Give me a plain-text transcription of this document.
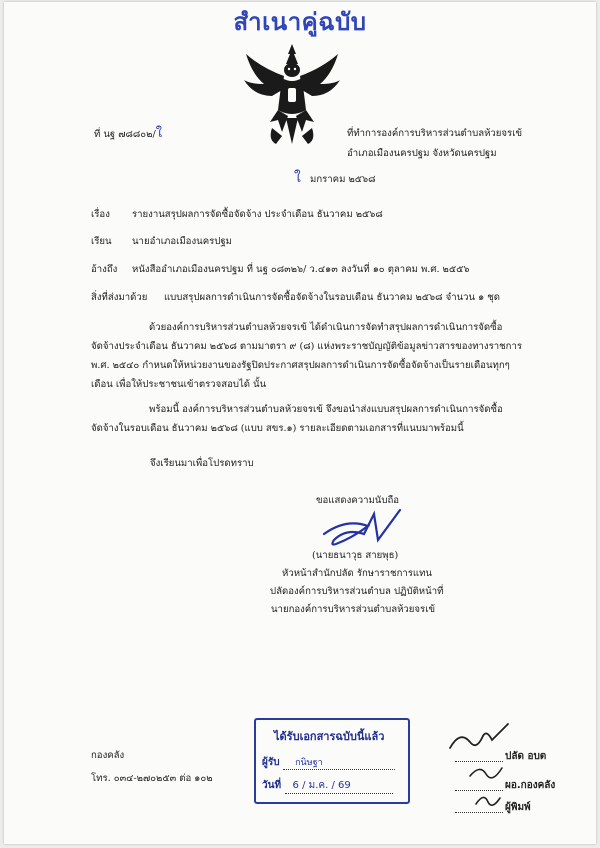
สำเนาคู่ฉบับ
ที่ นฐ ๗๘๘๐๒/ใ	ที่ทำการองค์การบริหารส่วนตำบลห้วยจรเข้
อำเภอเมืองนครปฐม จังหวัดนครปฐม
ใ มกราคม ๒๕๖๘
เรื่อง รายงานสรุปผลการจัดซื้อจัดจ้าง ประจำเดือน ธันวาคม ๒๕๖๘
เรียน นายอำเภอเมืองนครปฐม
อ้างถึง หนังสืออำเภอเมืองนครปฐม ที่ นฐ ๐๘๓๒๖/ ว.๔๑๓ ลงวันที่ ๑๐ ตุลาคม พ.ศ. ๒๕๕๖
สิ่งที่ส่งมาด้วย แบบสรุปผลการดำเนินการจัดซื้อจัดจ้างในรอบเดือน ธันวาคม ๒๕๖๘ จำนวน ๑ ชุด
ด้วยองค์การบริหารส่วนตำบลห้วยจรเข้ ได้ดำเนินการจัดทำสรุปผลการดำเนินการจัดซื้อ
จัดจ้างประจำเดือน ธันวาคม ๒๕๖๘ ตามมาตรา ๙ (๘) แห่งพระราชบัญญัติข้อมูลข่าวสารของทางราชการ
พ.ศ. ๒๕๔๐ กำหนดให้หน่วยงานของรัฐปิดประกาศสรุปผลการดำเนินการจัดซื้อจัดจ้างเป็นรายเดือนทุกๆ
เดือน เพื่อให้ประชาชนเข้าตรวจสอบได้ นั้น
พร้อมนี้ องค์การบริหารส่วนตำบลห้วยจรเข้ จึงขอนำส่งแบบสรุปผลการดำเนินการจัดซื้อ
จัดจ้างในรอบเดือน ธันวาคม ๒๕๖๘ (แบบ สขร.๑) รายละเอียดตามเอกสารที่แนบมาพร้อมนี้
จึงเรียนมาเพื่อโปรดทราบ
ขอแสดงความนับถือ
(นายธนาวุธ สายพุธ)
หัวหน้าสำนักปลัด รักษาราชการแทน
ปลัดองค์การบริหารส่วนตำบล ปฏิบัติหน้าที่
นายกองค์การบริหารส่วนตำบลห้วยจรเข้
กองคลัง
โทร. ๐๓๔-๒๗๐๒๕๓ ต่อ ๑๐๒
ได้รับเอกสารฉบับนี้แล้ว
ผู้รับ กนิษฐา
วันที่ 6 / ม.ค. / 69
ปลัด อบต
ผอ.กองคลัง
ผู้พิมพ์
